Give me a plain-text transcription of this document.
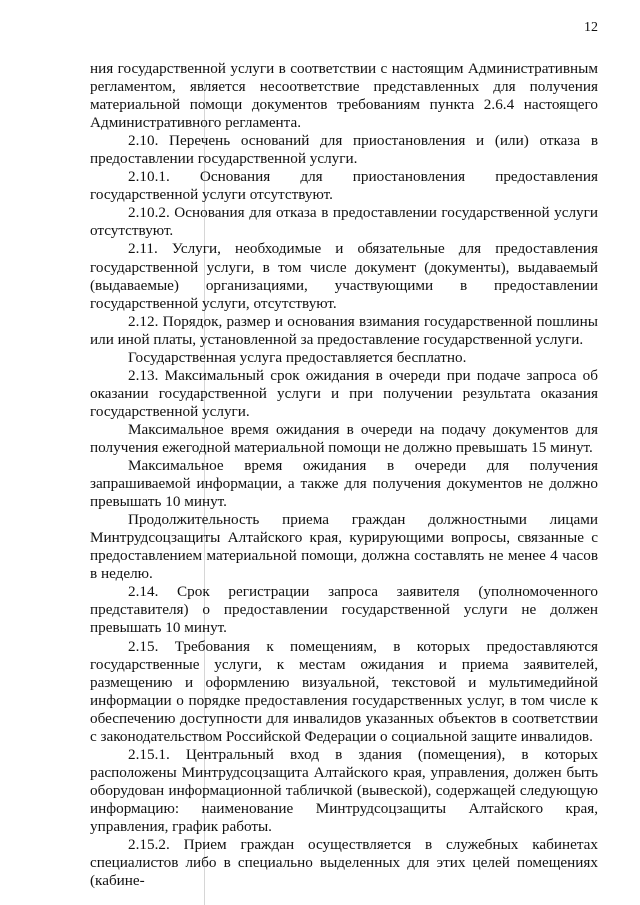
12

ния государственной услуги в соответствии с настоящим Административным регламентом, является несоответствие представленных для получения материальной помощи документов требованиям пункта 2.6.4 настоящего Административного регламента.

2.10. Перечень оснований для приостановления и (или) отказа в предоставлении государственной услуги.

2.10.1. Основания для приостановления предоставления государственной услуги отсутствуют.

2.10.2. Основания для отказа в предоставлении государственной услуги отсутствуют.

2.11. Услуги, необходимые и обязательные для предоставления государственной услуги, в том числе документ (документы), выдаваемый (выдаваемые) организациями, участвующими в предоставлении государственной услуги, отсутствуют.

2.12. Порядок, размер и основания взимания государственной пошлины или иной платы, установленной за предоставление государственной услуги.

Государственная услуга предоставляется бесплатно.

2.13. Максимальный срок ожидания в очереди при подаче запроса об оказании государственной услуги и при получении результата оказания государственной услуги.

Максимальное время ожидания в очереди на подачу документов для получения ежегодной материальной помощи не должно превышать 15 минут.

Максимальное время ожидания в очереди для получения запрашиваемой информации, а также для получения документов не должно превышать 10 минут.

Продолжительность приема граждан должностными лицами Минтрудсоцзащиты Алтайского края, курирующими вопросы, связанные с предоставлением материальной помощи, должна составлять не менее 4 часов в неделю.

2.14. Срок регистрации запроса заявителя (уполномоченного представителя) о предоставлении государственной услуги не должен превышать 10 минут.

2.15. Требования к помещениям, в которых предоставляются государственные услуги, к местам ожидания и приема заявителей, размещению и оформлению визуальной, текстовой и мультимедийной информации о порядке предоставления государственных услуг, в том числе к обеспечению доступности для инвалидов указанных объектов в соответствии с законодательством Российской Федерации о социальной защите инвалидов.

2.15.1. Центральный вход в здания (помещения), в которых расположены Минтрудсоцзащита Алтайского края, управления, должен быть оборудован информационной табличкой (вывеской), содержащей следующую информацию: наименование Минтрудсоцзащиты Алтайского края, управления, график работы.

2.15.2. Прием граждан осуществляется в служебных кабинетах специалистов либо в специально выделенных для этих целей помещениях (кабине-
